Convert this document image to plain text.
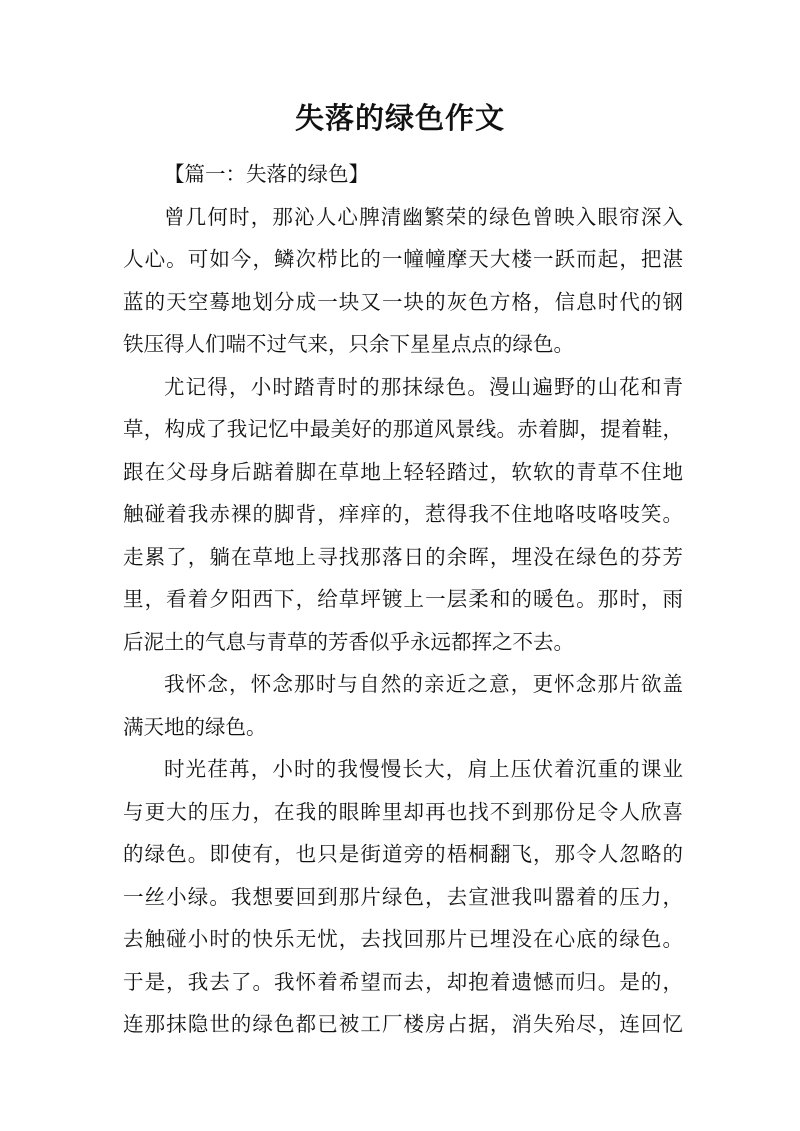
失落的绿色作文
【篇一：失落的绿色】
曾几何时，那沁人心脾清幽繁荣的绿色曾映入眼帘深入
人心。可如今，鳞次栉比的一幢幢摩天大楼一跃而起，把湛
蓝的天空蓦地划分成一块又一块的灰色方格，信息时代的钢
铁压得人们喘不过气来，只余下星星点点的绿色。
尤记得，小时踏青时的那抹绿色。漫山遍野的山花和青
草，构成了我记忆中最美好的那道风景线。赤着脚，提着鞋，
跟在父母身后踮着脚在草地上轻轻踏过，软软的青草不住地
触碰着我赤裸的脚背，痒痒的，惹得我不住地咯吱咯吱笑。
走累了，躺在草地上寻找那落日的余晖，埋没在绿色的芬芳
里，看着夕阳西下，给草坪镀上一层柔和的暖色。那时，雨
后泥土的气息与青草的芳香似乎永远都挥之不去。
我怀念，怀念那时与自然的亲近之意，更怀念那片欲盖
满天地的绿色。
时光荏苒，小时的我慢慢长大，肩上压伏着沉重的课业
与更大的压力，在我的眼眸里却再也找不到那份足令人欣喜
的绿色。即使有，也只是街道旁的梧桐翻飞，那令人忽略的
一丝小绿。我想要回到那片绿色，去宣泄我叫嚣着的压力，
去触碰小时的快乐无忧，去找回那片已埋没在心底的绿色。
于是，我去了。我怀着希望而去，却抱着遗憾而归。是的，
连那抹隐世的绿色都已被工厂楼房占据，消失殆尽，连回忆
